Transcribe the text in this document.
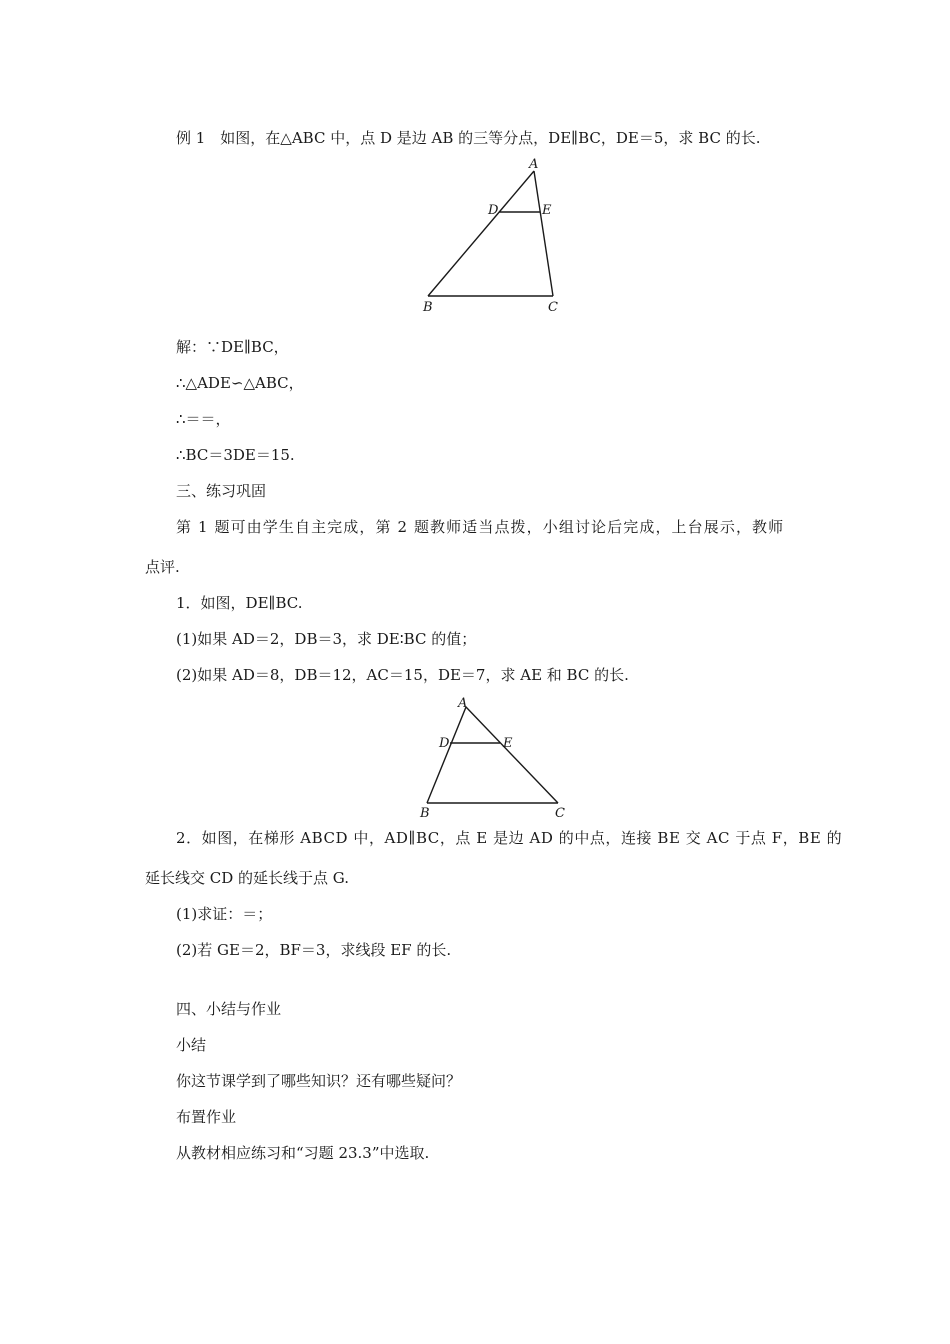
例 1　如图，在△ABC 中，点 D 是边 AB 的三等分点，DE∥BC，DE＝5，求 BC 的长.

A
D	E
B	C

解：∵DE∥BC，

∴△ADE∽△ABC，

∴＝＝，

∴BC＝3DE＝15.

三、练习巩固

第 1 题可由学生自主完成，第 2 题教师适当点拨，小组讨论后完成，上台展示，教师

点评.

1．如图，DE∥BC.

(1)如果 AD＝2，DB＝3，求 DE∶BC 的值；

(2)如果 AD＝8，DB＝12，AC＝15，DE＝7，求 AE 和 BC 的长.

A
D	E
B	C

2．如图，在梯形 ABCD 中，AD∥BC，点 E 是边 AD 的中点，连接 BE 交 AC 于点 F，BE 的

延长线交 CD 的延长线于点 G.

(1)求证：＝；

(2)若 GE＝2，BF＝3，求线段 EF 的长.

四、小结与作业

小结

你这节课学到了哪些知识？还有哪些疑问？

布置作业

从教材相应练习和“习题 23.3”中选取.
